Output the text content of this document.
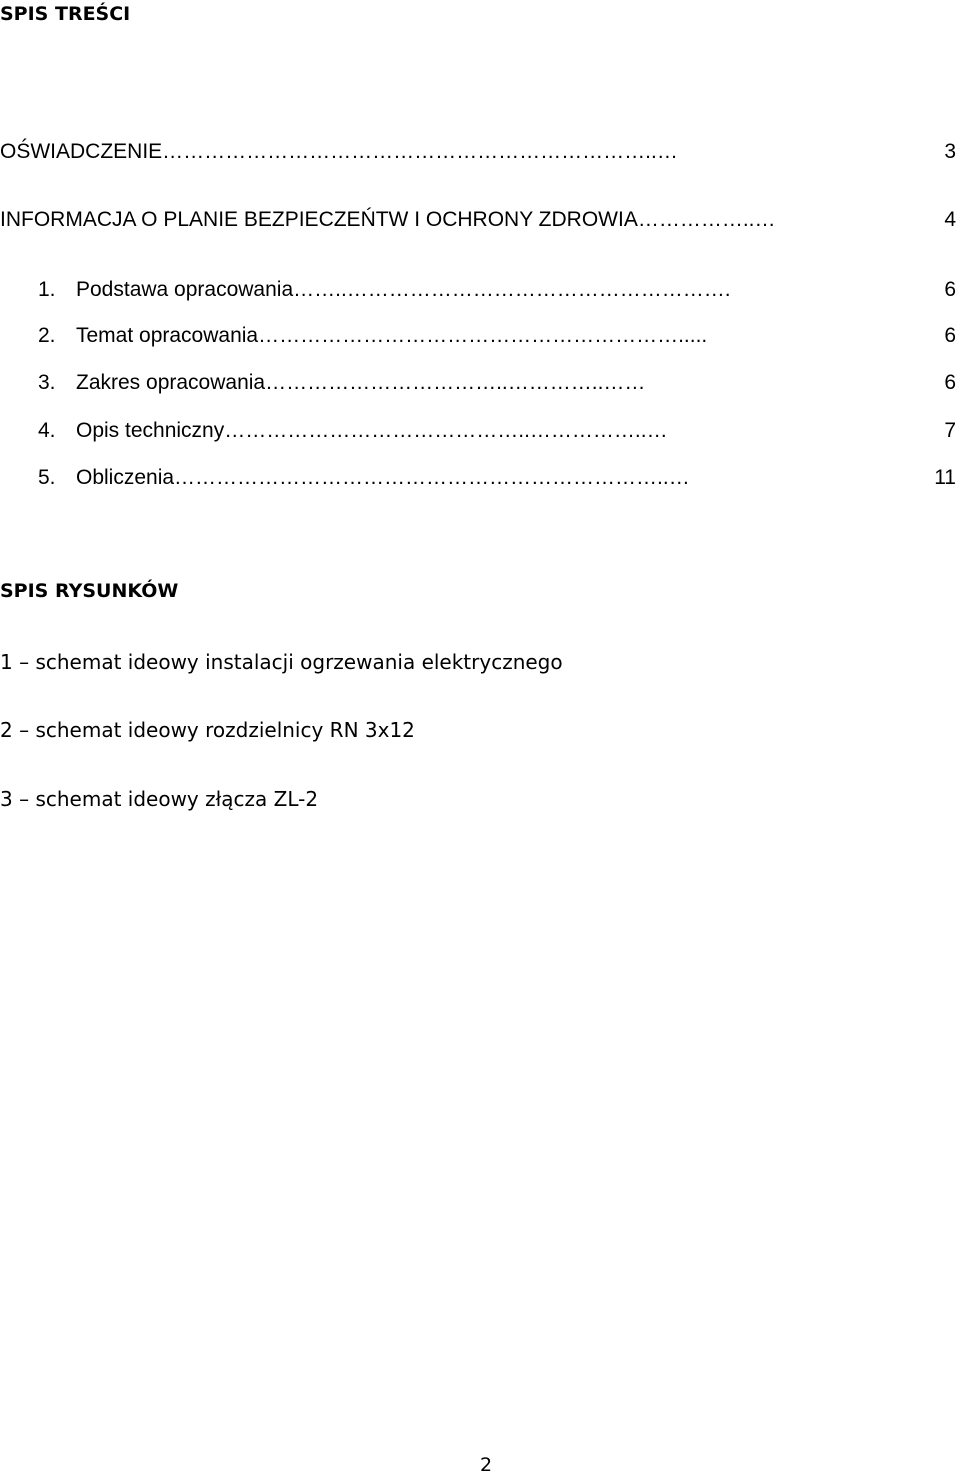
SPIS TREŚCI
OŚWIADCZENIE……………………………………………………………..…	3
INFORMACJA O PLANIE BEZPIECZEŃTW I OCHRONY ZDROWIA……………..…	4
1. Podstawa opracowania……..……………………………………………….	6
2. Temat opracowania…………………………………………………….....	6
3. Zakres opracowania……………………………..…………..……	6
4. Opis techniczny……………………………………..……………..…	7
5. Obliczenia……………………………………………………………..…	11
SPIS RYSUNKÓW
1 – schemat ideowy instalacji ogrzewania elektrycznego
2 – schemat ideowy rozdzielnicy RN 3x12
3 – schemat ideowy złącza ZL-2
2
